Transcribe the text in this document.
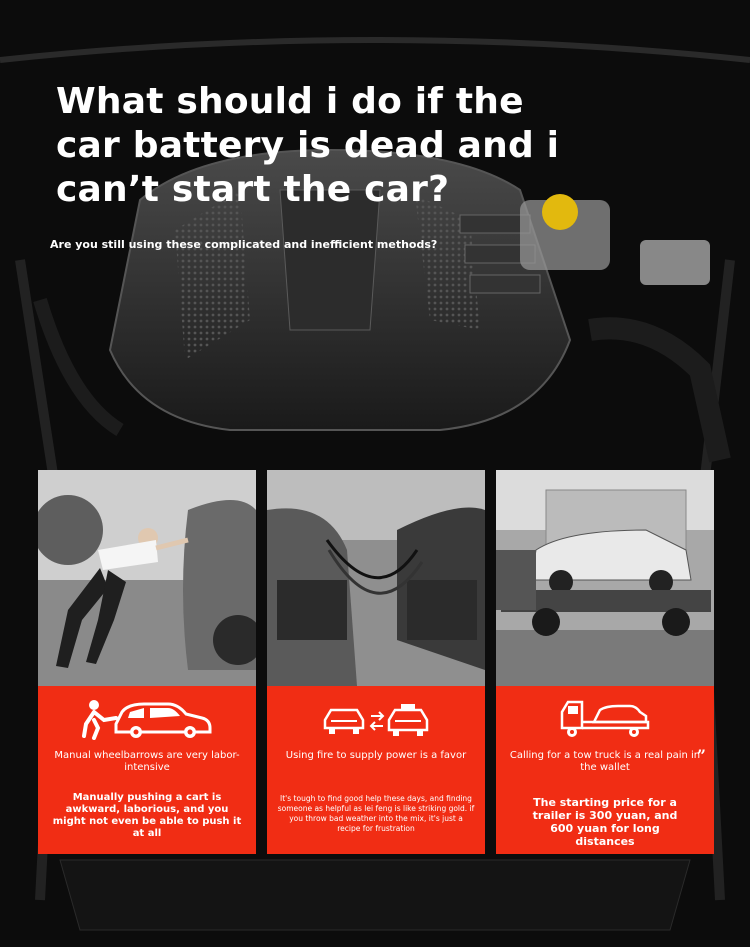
What should i do if the car battery is dead and i can’t start the car?

Are you still using these complicated and inefficient methods?

Manual wheelbarrows are very labor-intensive
Manually pushing a cart is awkward, laborious, and you might not even be able to push it at all
Using fire to supply power is a favor
It's tough to find good help these days, and finding someone as helpful as lei feng is like striking gold. if you throw bad weather into the mix, it's just a recipe for frustration
Calling for a tow truck is a real pain in the wallet
”
The starting price for a trailer is 300 yuan, and 600 yuan for long distances
